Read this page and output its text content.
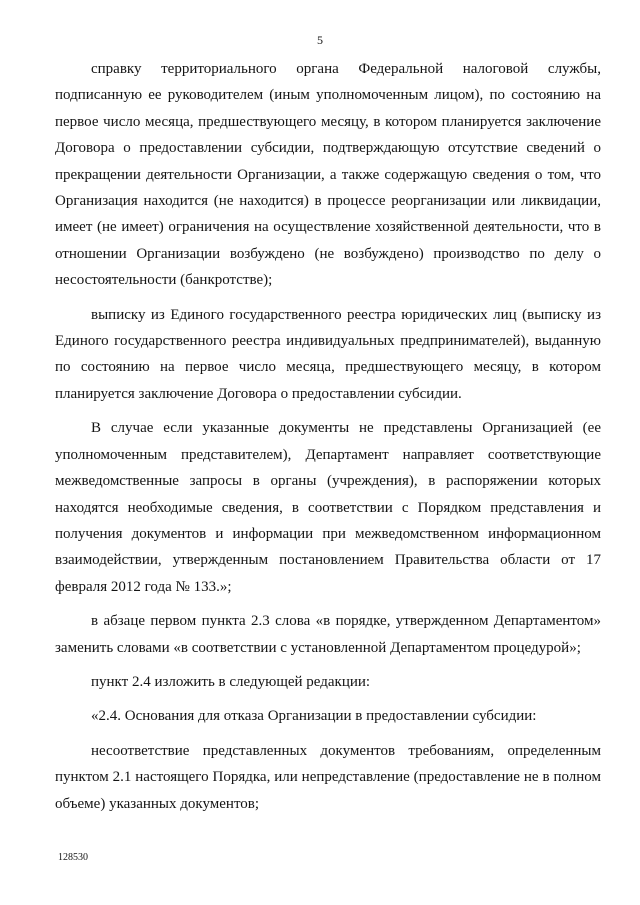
5

справку территориального органа Федеральной налоговой службы, подписанную ее руководителем (иным уполномоченным лицом), по состоянию на первое число месяца, предшествующего месяцу, в котором планируется заключение Договора о предоставлении субсидии, подтверждающую отсутствие сведений о прекращении деятельности Организации, а также содержащую сведения о том, что Организация находится (не находится) в процессе реорганизации или ликвидации, имеет (не имеет) ограничения на осуществление хозяйственной деятельности, что в отношении Организации возбуждено (не возбуждено) производство по делу о несостоятельности (банкротстве);

выписку из Единого государственного реестра юридических лиц (выписку из Единого государственного реестра индивидуальных предпринимателей), выданную по состоянию на первое число месяца, предшествующего месяцу, в котором планируется заключение Договора о предоставлении субсидии.

В случае если указанные документы не представлены Организацией (ее уполномоченным представителем), Департамент направляет соответствующие межведомственные запросы в органы (учреждения), в распоряжении которых находятся необходимые сведения, в соответствии с Порядком представления и получения документов и информации при межведомственном информационном взаимодействии, утвержденным постановлением Правительства области от 17 февраля 2012 года № 133.»;

в абзаце первом пункта 2.3 слова «в порядке, утвержденном Департаментом» заменить словами «в соответствии с установленной Департаментом процедурой»;

пункт 2.4 изложить в следующей редакции:

«2.4. Основания для отказа Организации в предоставлении субсидии:

несоответствие представленных документов требованиям, определенным пунктом 2.1 настоящего Порядка, или непредставление (предоставление не в полном объеме) указанных документов;

128530
